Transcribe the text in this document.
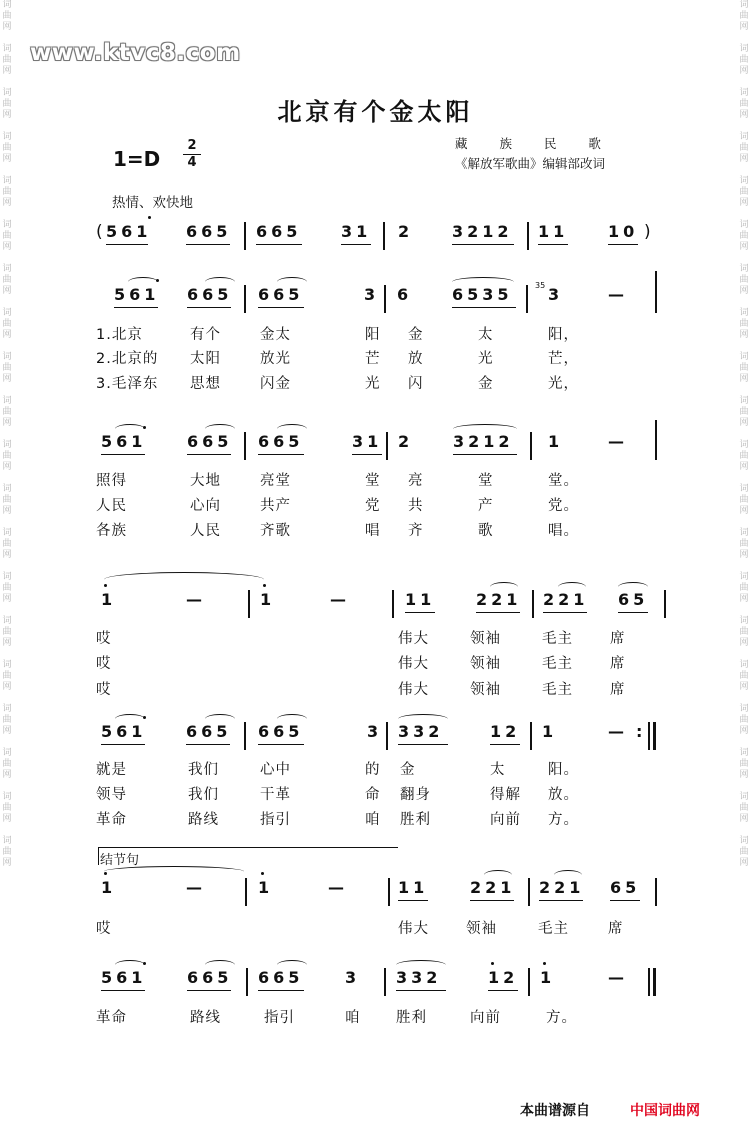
www.ktvc8.com
词
曲
网

词
曲
网

词
曲
网

词
曲
网

词
曲
网

词
曲
网

词
曲
网

词
曲
网

词
曲
网

词
曲
网

词
曲
网

词
曲
网

词
曲
网

词
曲
网

词
曲
网

词
曲
网

词
曲
网

词
曲
网

词
曲
网

词
曲
网
词
曲
网

词
曲
网

词
曲
网

词
曲
网

词
曲
网

词
曲
网

词
曲
网

词
曲
网

词
曲
网

词
曲
网

词
曲
网

词
曲
网

词
曲
网

词
曲
网

词
曲
网

词
曲
网

词
曲
网

词
曲
网

词
曲
网

词
曲
网
北京有个金太阳
1=D
2
4
藏 族 民 歌
《解放军歌曲》编辑部改词
热情、欢快地
( 561 665 665 31 2 3212 11 10 )
561 665 665	3 6 6535	35 3	—
1.北京	有个	金太	阳 金	太	阳，
2.北京的 太阳	放光	芒 放	光	芒，
3.毛泽东 思想	闪金	光 闪	金	光，
561	665 665	31 2 3212 1	—
照得	大地	亮堂	堂 亮	堂	堂。
人民	心向	共产	党 共	产	党。
各族	人民	齐歌	唱 齐	歌	唱。
1	—	1	—	11	221 221 65
哎	伟大	领袖	毛主	席
哎	伟大	领袖	毛主	席
哎	伟大	领袖	毛主	席
561 665 665	3 332	12 1	— :
就是	我们	心中	的 金	太	阳。
领导	我们	干革	命 翻身	得解 放。
革命	路线	指引	咱 胜利	向前 方。
结节句
1	—	1	—	11	221 221 65
哎	伟大	领袖	毛主	席
561	665 665	3 332	12 1	—
革命	路线	指引	咱 胜利	向前	方。
本曲谱源自	中国词曲网
